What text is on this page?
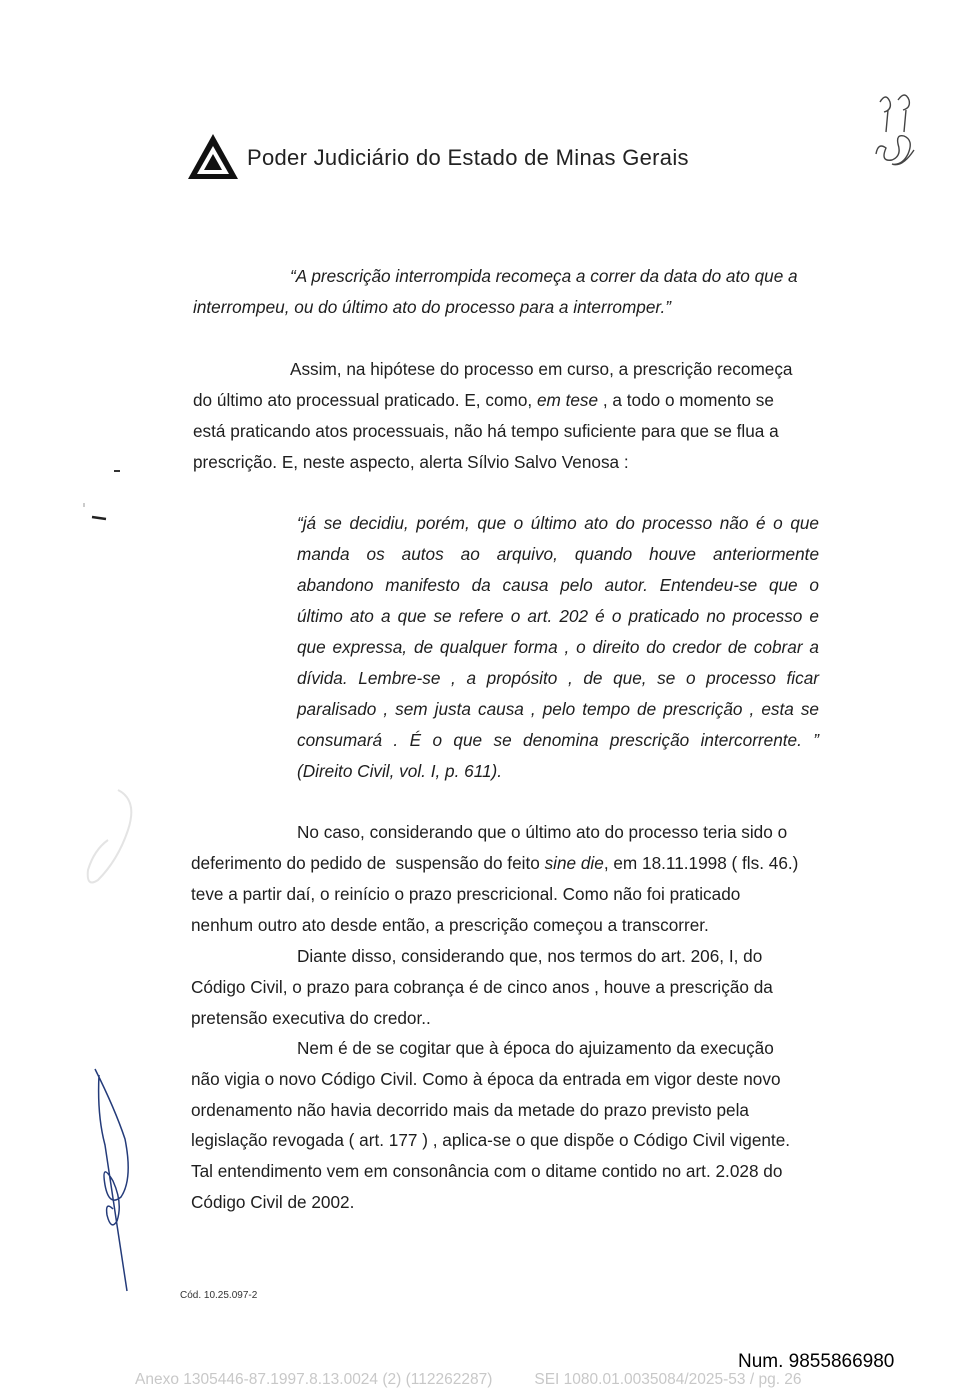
Poder Judiciário do Estado de Minas Gerais
“A prescrição interrompida recomeça a correr da data do ato que a
interrompeu, ou do último ato do processo para a interromper.”
Assim, na hipótese do processo em curso, a prescrição recomeça
do último ato processual praticado. E, como, em tese , a todo o momento se
está praticando atos processuais, não há tempo suficiente para que se flua a
prescrição. E, neste aspecto, alerta Sílvio Salvo Venosa :
“já se decidiu, porém, que o último ato do processo não é o que
manda os autos ao arquivo, quando houve anteriormente
abandono manifesto da causa pelo autor. Entendeu-se que o
último ato a que se refere o art. 202 é o praticado no processo e
que expressa, de qualquer forma , o direito do credor de cobrar a
dívida. Lembre-se , a propósito , de que, se o processo ficar
paralisado , sem justa causa , pelo tempo de prescrição , esta se
consumará . É o que se denomina prescrição intercorrente. ”
(Direito Civil, vol. I, p. 611).
No caso, considerando que o último ato do processo teria sido o
deferimento do pedido de  suspensão do feito sine die, em 18.11.1998 ( fls. 46.)
teve a partir daí, o reinício o prazo prescricional. Como não foi praticado
nenhum outro ato desde então, a prescrição começou a transcorrer.
Diante disso, considerando que, nos termos do art. 206, I, do
Código Civil, o prazo para cobrança é de cinco anos , houve a prescrição da
pretensão executiva do credor..
Nem é de se cogitar que à época do ajuizamento da execução
não vigia o novo Código Civil. Como à época da entrada em vigor deste novo
ordenamento não havia decorrido mais da metade do prazo previsto pela
legislação revogada ( art. 177 ) , aplica-se o que dispõe o Código Civil vigente.
Tal entendimento vem em consonância com o ditame contido no art. 2.028 do
Código Civil de 2002.
Cód. 10.25.097-2
Num. 9855866980
Anexo 1305446-87.1997.8.13.0024 (2) (112262287)	SEI 1080.01.0035084/2025-53 / pg. 26
